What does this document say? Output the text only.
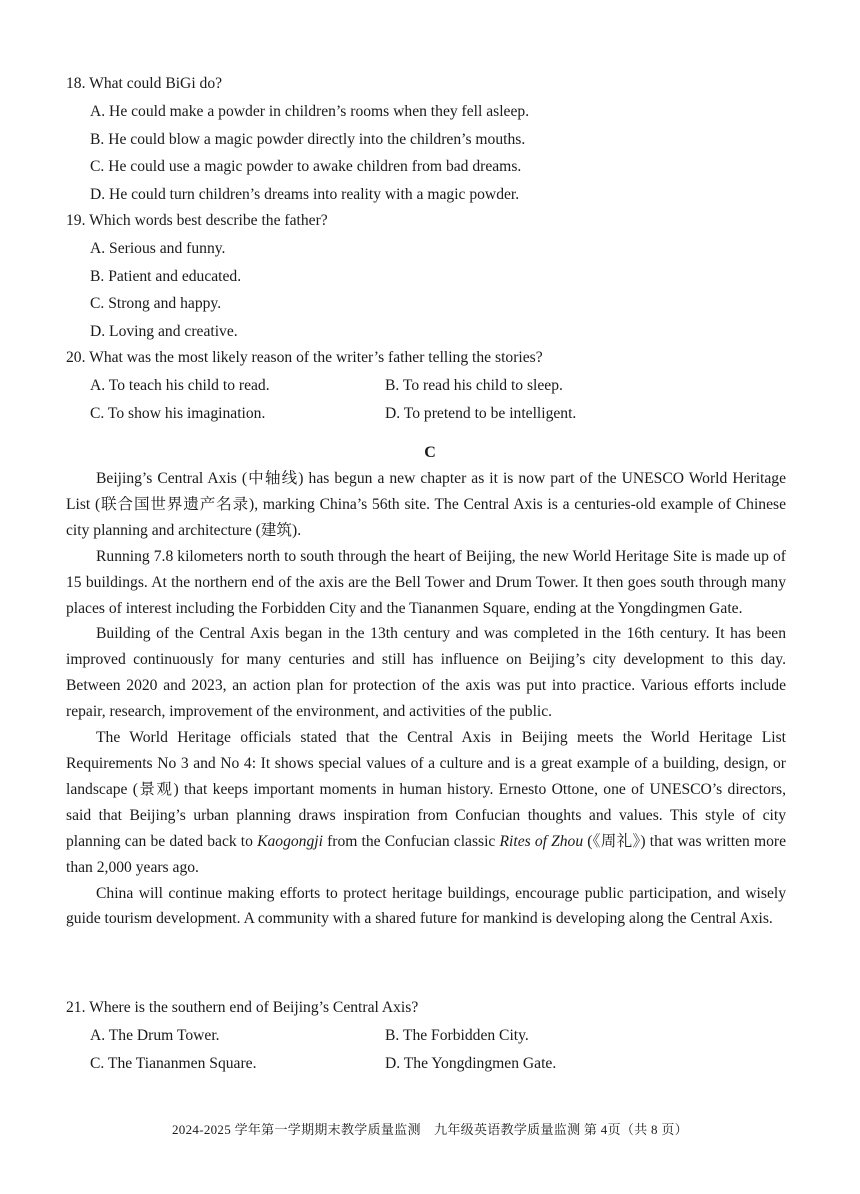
18. What could BiGi do?
A. He could make a powder in children’s rooms when they fell asleep.
B. He could blow a magic powder directly into the children’s mouths.
C. He could use a magic powder to awake children from bad dreams.
D. He could turn children’s dreams into reality with a magic powder.
19. Which words best describe the father?
A. Serious and funny.
B. Patient and educated.
C. Strong and happy.
D. Loving and creative.
20. What was the most likely reason of the writer’s father telling the stories?
A. To teach his child to read.	B. To read his child to sleep.
C. To show his imagination.	D. To pretend to be intelligent.
C

Beijing’s Central Axis (中轴线) has begun a new chapter as it is now part of the UNESCO World Heritage List (联合国世界遗产名录), marking China’s 56th site. The Central Axis is a centuries-old example of Chinese city planning and architecture (建筑).

Running 7.8 kilometers north to south through the heart of Beijing, the new World Heritage Site is made up of 15 buildings. At the northern end of the axis are the Bell Tower and Drum Tower. It then goes south through many places of interest including the Forbidden City and the Tiananmen Square, ending at the Yongdingmen Gate.

Building of the Central Axis began in the 13th century and was completed in the 16th century. It has been improved continuously for many centuries and still has influence on Beijing’s city development to this day. Between 2020 and 2023, an action plan for protection of the axis was put into practice. Various efforts include repair, research, improvement of the environment, and activities of the public.

The World Heritage officials stated that the Central Axis in Beijing meets the World Heritage List Requirements No 3 and No 4: It shows special values of a culture and is a great example of a building, design, or landscape (景观) that keeps important moments in human history. Ernesto Ottone, one of UNESCO’s directors, said that Beijing’s urban planning draws inspiration from Confucian thoughts and values. This style of city planning can be dated back to Kaogongji from the Confucian classic Rites of Zhou (《周礼》) that was written more than 2,000 years ago.

China will continue making efforts to protect heritage buildings, encourage public participation, and wisely guide tourism development. A community with a shared future for mankind is developing along the Central Axis.

21. Where is the southern end of Beijing’s Central Axis?
A. The Drum Tower.	B. The Forbidden City.
C. The Tiananmen Square.	D. The Yongdingmen Gate.
2024-2025 学年第一学期期末教学质量监测　九年级英语教学质量监测 第 4页（共 8 页）
